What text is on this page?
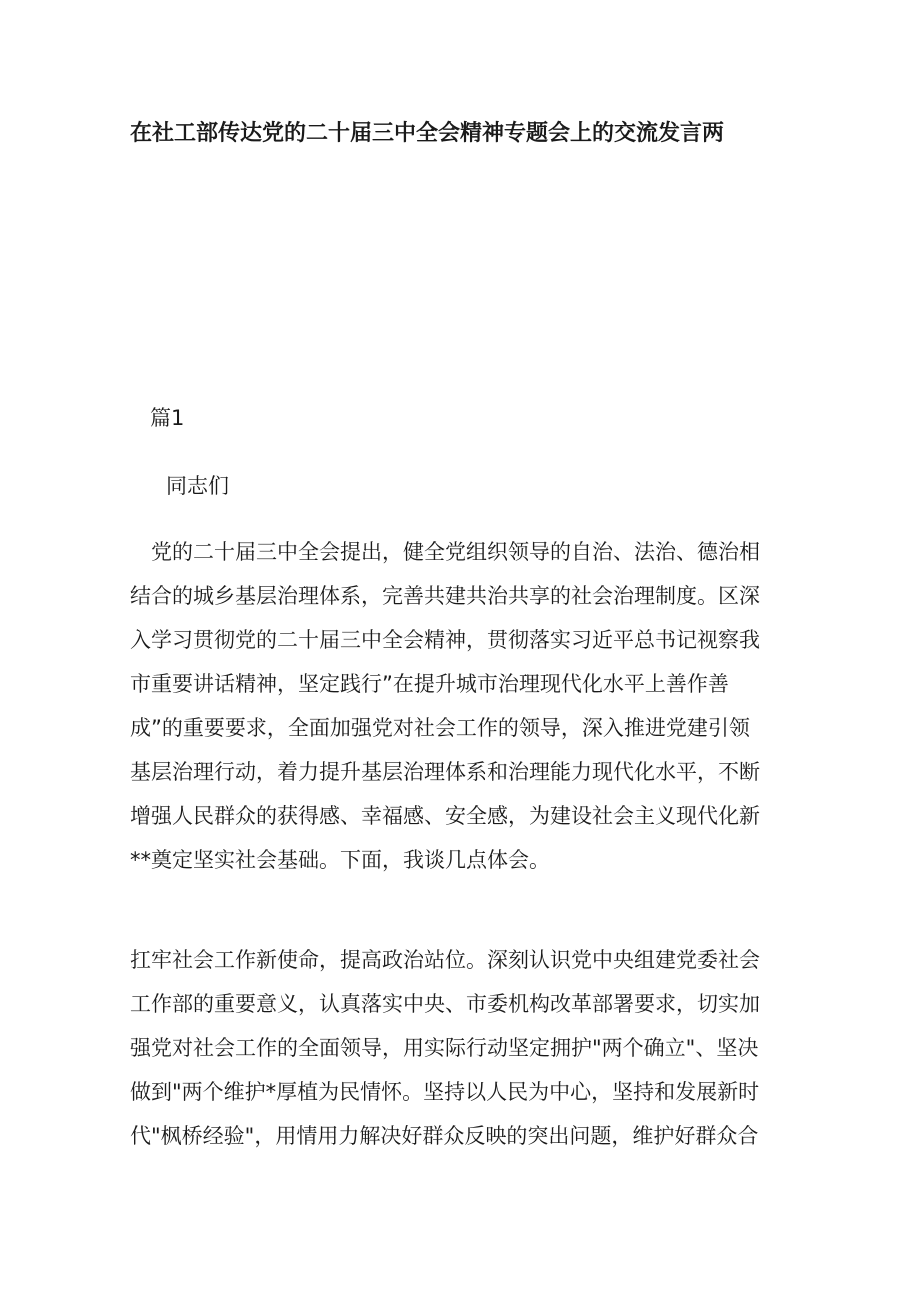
在社工部传达党的二十届三中全会精神专题会上的交流发言两
篇1
同志们
党的二十届三中全会提出，健全党组织领导的自治、法治、德治相
结合的城乡基层治理体系，完善共建共治共享的社会治理制度。区深
入学习贯彻党的二十届三中全会精神，贯彻落实习近平总书记视察我
市重要讲话精神，坚定践行”在提升城市治理现代化水平上善作善
成”的重要要求，全面加强党对社会工作的领导，深入推进党建引领
基层治理行动，着力提升基层治理体系和治理能力现代化水平，不断
增强人民群众的获得感、幸福感、安全感，为建设社会主义现代化新
**奠定坚实社会基础。下面，我谈几点体会。
扛牢社会工作新使命，提高政治站位。深刻认识党中央组建党委社会
工作部的重要意义，认真落实中央、市委机构改革部署要求，切实加
强党对社会工作的全面领导，用实际行动坚定拥护"两个确立"、坚决
做到"两个维护*厚植为民情怀。坚持以人民为中心，坚持和发展新时
代"枫桥经验"，用情用力解决好群众反映的突出问题，维护好群众合
